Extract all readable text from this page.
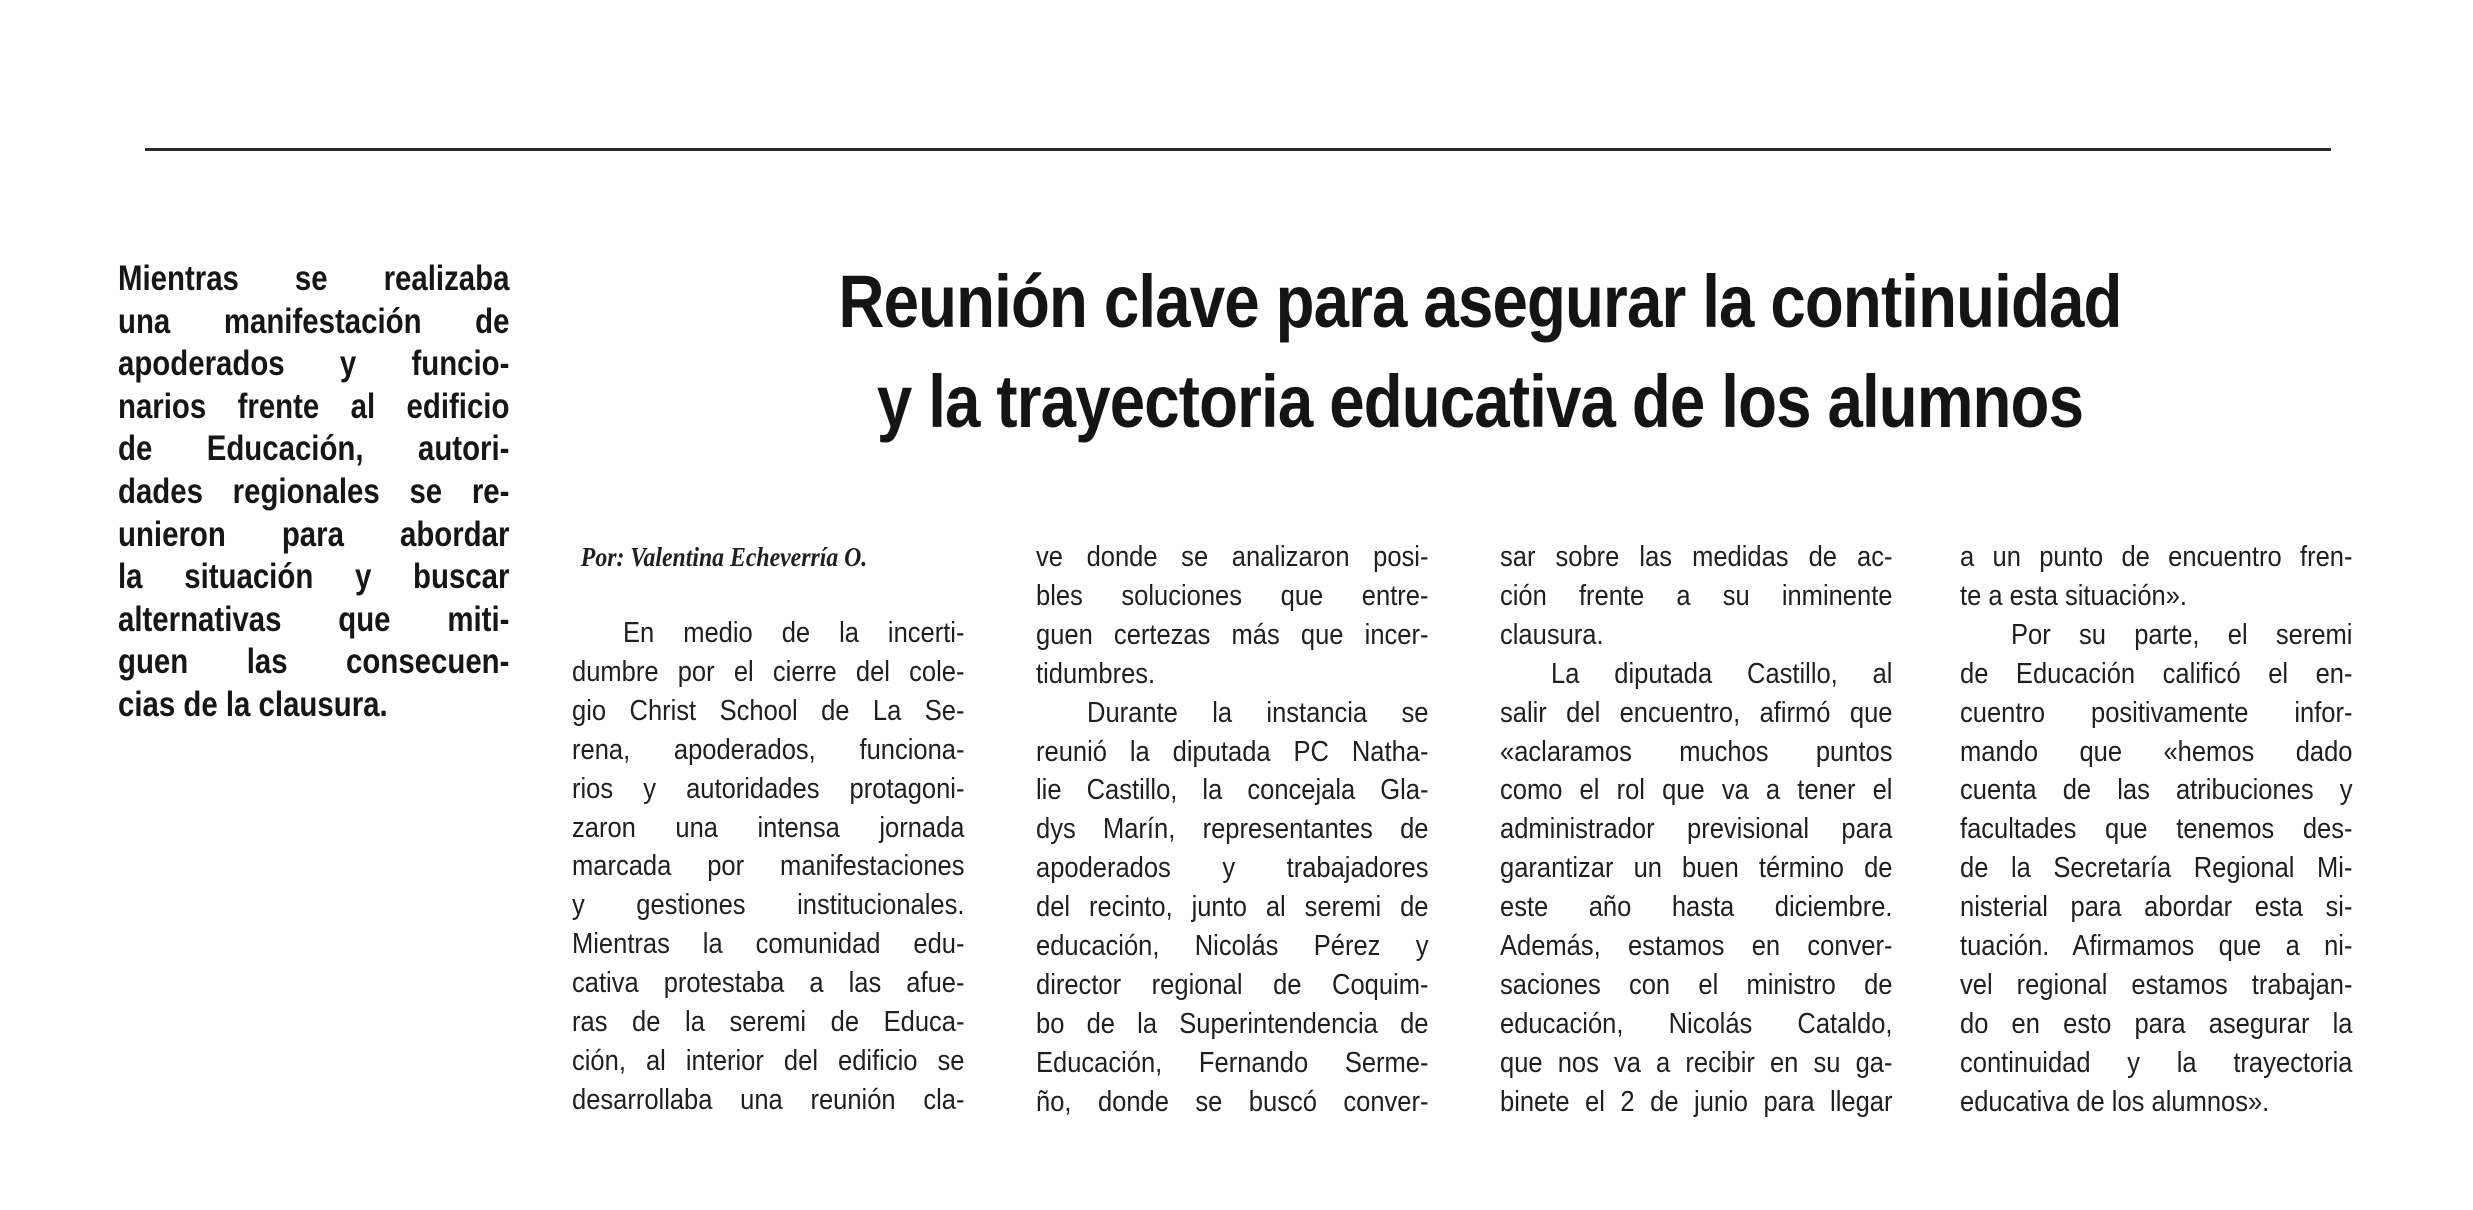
Mientras se realizaba
una manifestación de
apoderados y funcio-
narios frente al edificio
de Educación, autori-
dades regionales se re-
unieron para abordar
la situación y buscar
alternativas que miti-
guen las consecuen-
cias de la clausura.
Reunión clave para asegurar la continuidad
y la trayectoria educativa de los alumnos
Por: Valentina Echeverría O.
En medio de la incerti-
dumbre por el cierre del cole-
gio Christ School de La Se-
rena, apoderados, funciona-
rios y autoridades protagoni-
zaron una intensa jornada
marcada por manifestaciones
y gestiones institucionales.
Mientras la comunidad edu-
cativa protestaba a las afue-
ras de la seremi de Educa-
ción, al interior del edificio se
desarrollaba una reunión cla-
ve donde se analizaron posi-
bles soluciones que entre-
guen certezas más que incer-
tidumbres.
Durante la instancia se
reunió la diputada PC Natha-
lie Castillo, la concejala Gla-
dys Marín, representantes de
apoderados y trabajadores
del recinto, junto al seremi de
educación, Nicolás Pérez y
director regional de Coquim-
bo de la Superintendencia de
Educación, Fernando Serme-
ño, donde se buscó conver-
sar sobre las medidas de ac-
ción frente a su inminente
clausura.
La diputada Castillo, al
salir del encuentro, afirmó que
«aclaramos muchos puntos
como el rol que va a tener el
administrador previsional para
garantizar un buen término de
este año hasta diciembre.
Además, estamos en conver-
saciones con el ministro de
educación, Nicolás Cataldo,
que nos va a recibir en su ga-
binete el 2 de junio para llegar
a un punto de encuentro fren-
te a esta situación».
Por su parte, el seremi
de Educación calificó el en-
cuentro positivamente infor-
mando que «hemos dado
cuenta de las atribuciones y
facultades que tenemos des-
de la Secretaría Regional Mi-
nisterial para abordar esta si-
tuación. Afirmamos que a ni-
vel regional estamos trabajan-
do en esto para asegurar la
continuidad y la trayectoria
educativa de los alumnos».
